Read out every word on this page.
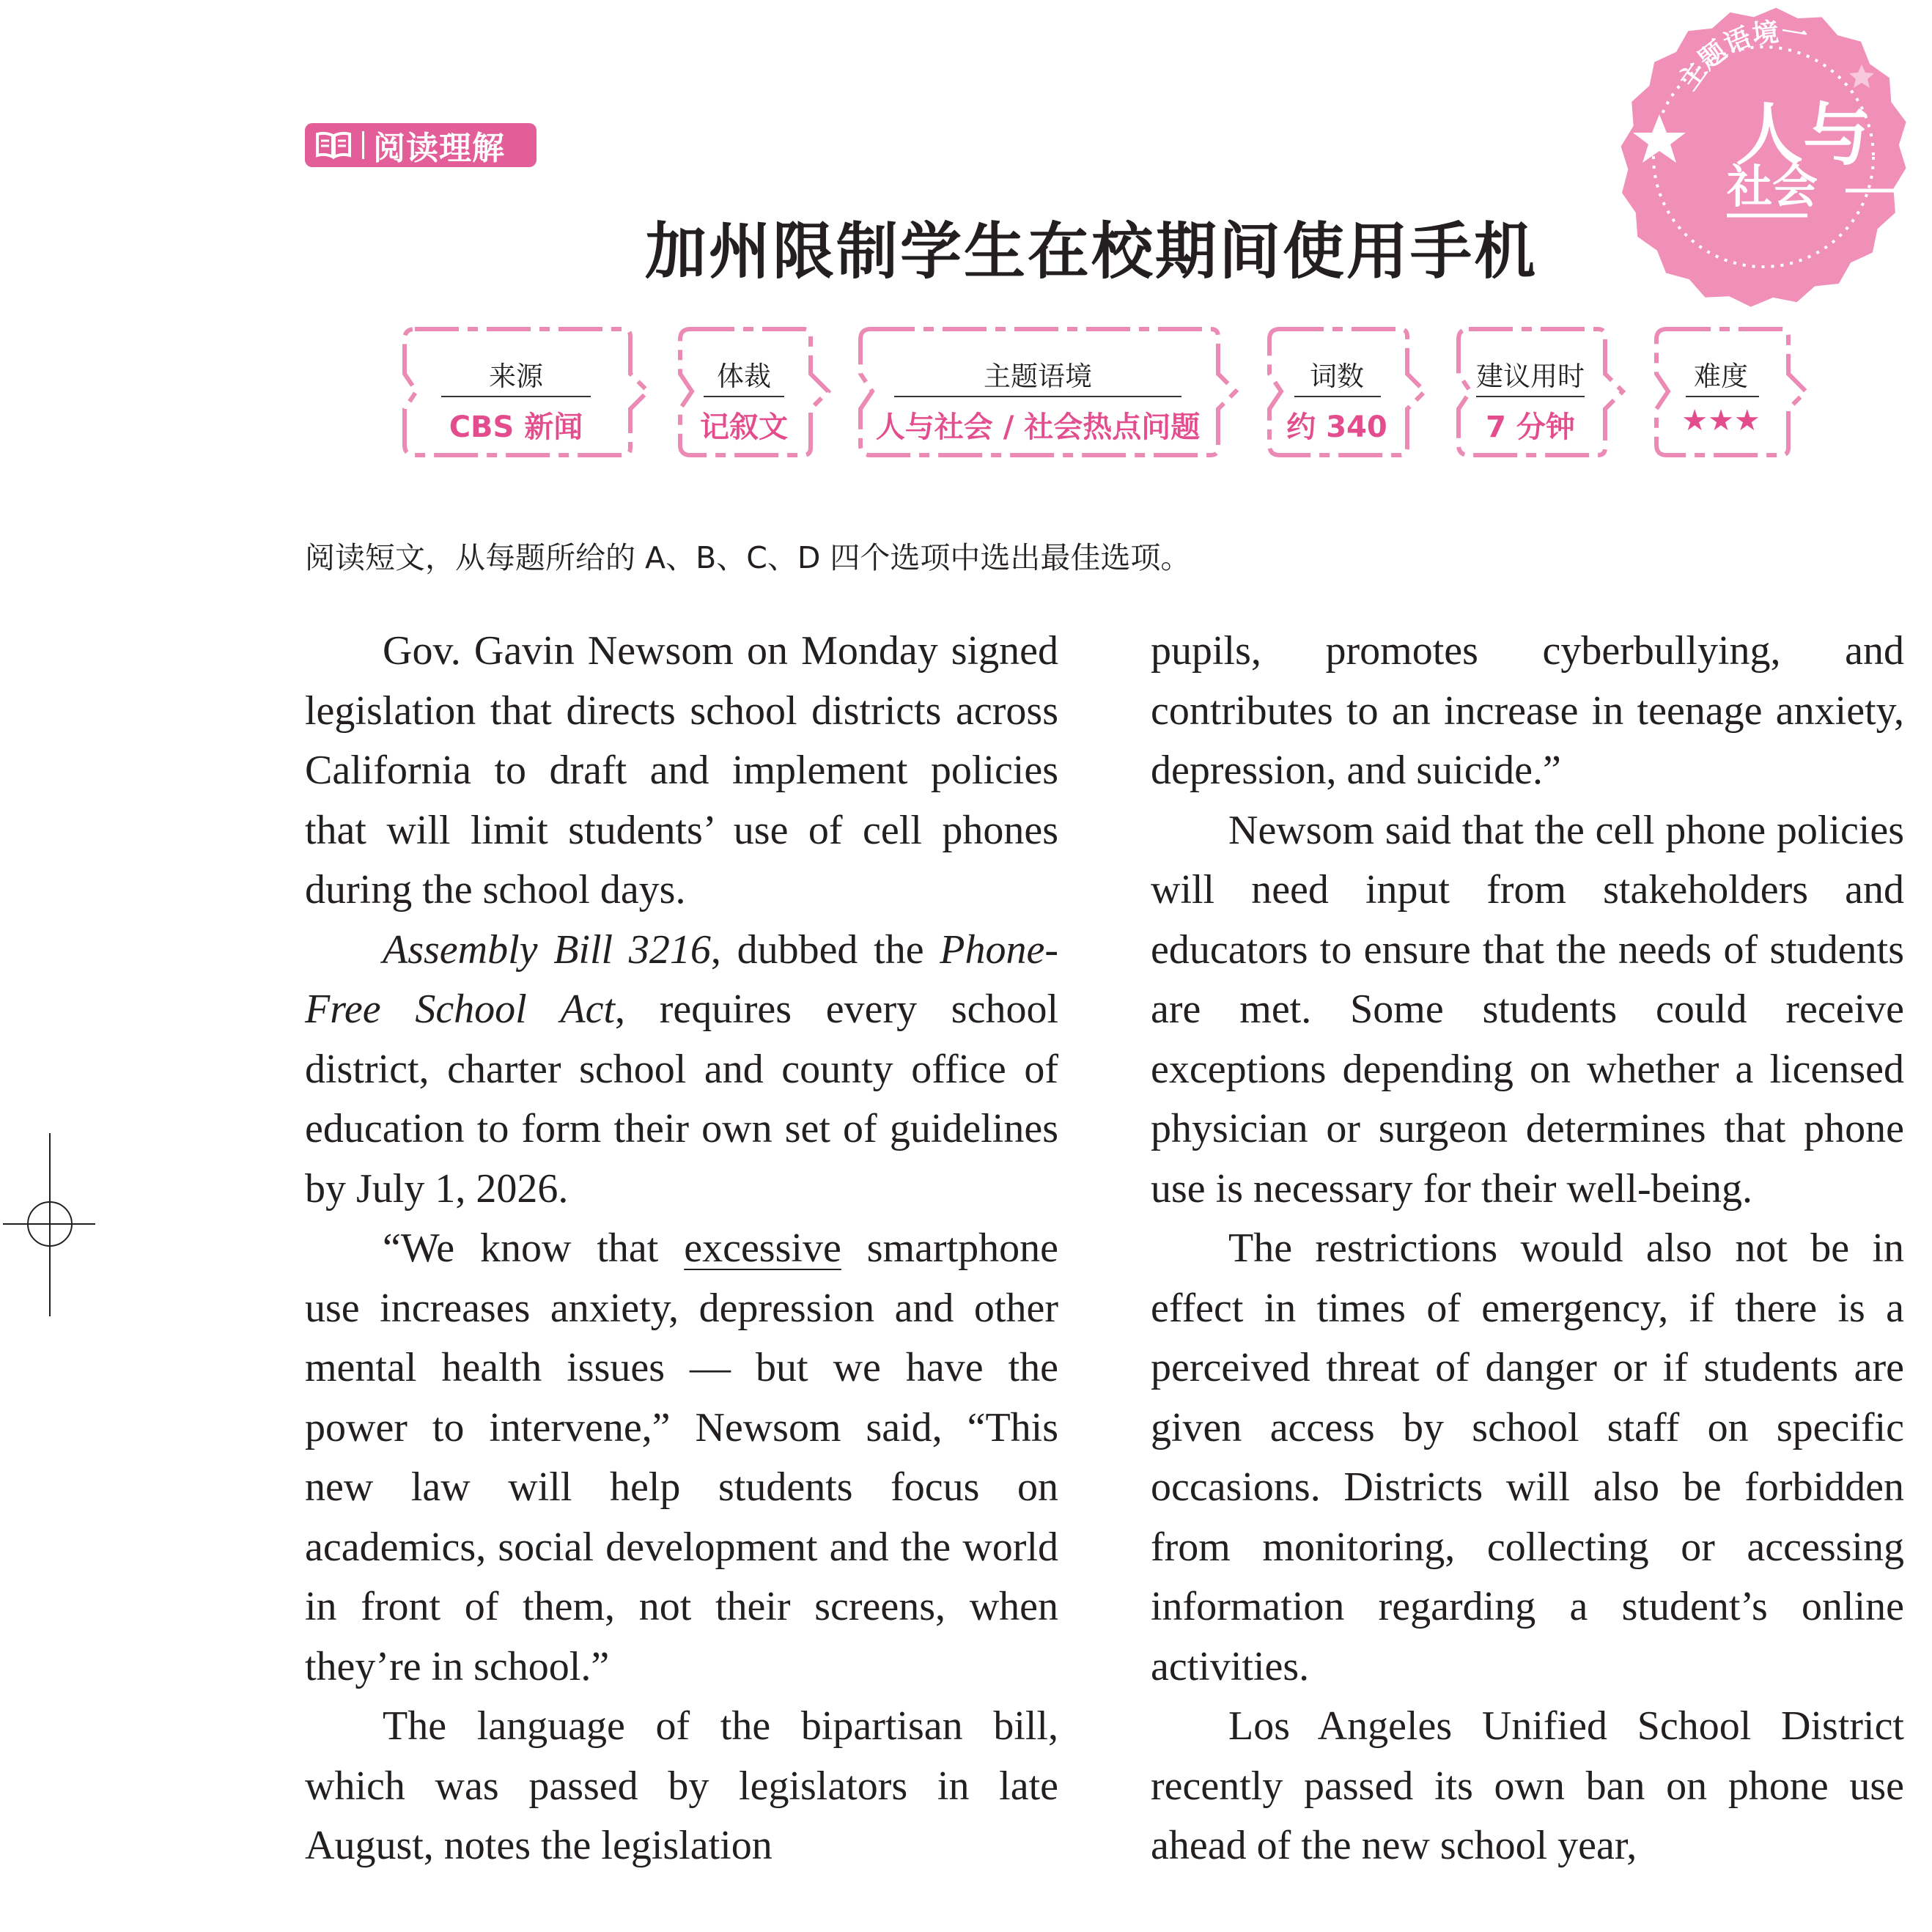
阅读理解
主题语境一
人与
社会
加州限制学生在校期间使用手机
来源
CBS 新闻
体裁
记叙文
主题语境
人与社会 / 社会热点问题
词数
约 340
建议用时
7 分钟
难度
★★★
阅读短文，从每题所给的 A、B、C、D 四个选项中选出最佳选项。

Gov. Gavin Newsom on Monday signed legislation that directs school districts across California to draft and implement policies that will limit students’ use of cell phones during the school days.

Assembly Bill 3216, dubbed the Phone-Free School Act, requires every school district, charter school and county office of education to form their own set of guidelines by July 1, 2026.

“We know that excessive smartphone use increases anxiety, depression and other mental health issues — but we have the power to intervene,” Newsom said, “This new law will help students focus on academics, social development and the world in front of them, not their screens, when they’re in school.”

The language of the bipartisan bill, which was passed by legislators in late August, notes the legislation

pupils, promotes cyberbullying, and contributes to an increase in teenage anxiety, depression, and suicide.”

Newsom said that the cell phone policies will need input from stakeholders and educators to ensure that the needs of students are met. Some students could receive exceptions depending on whether a licensed physician or surgeon determines that phone use is necessary for their well-being.

The restrictions would also not be in effect in times of emergency, if there is a perceived threat of danger or if students are given access by school staff on specific occasions. Districts will also be forbidden from monitoring, collecting or accessing information regarding a student’s online activities.

Los Angeles Unified School District recently passed its own ban on phone use ahead of the new school year,
